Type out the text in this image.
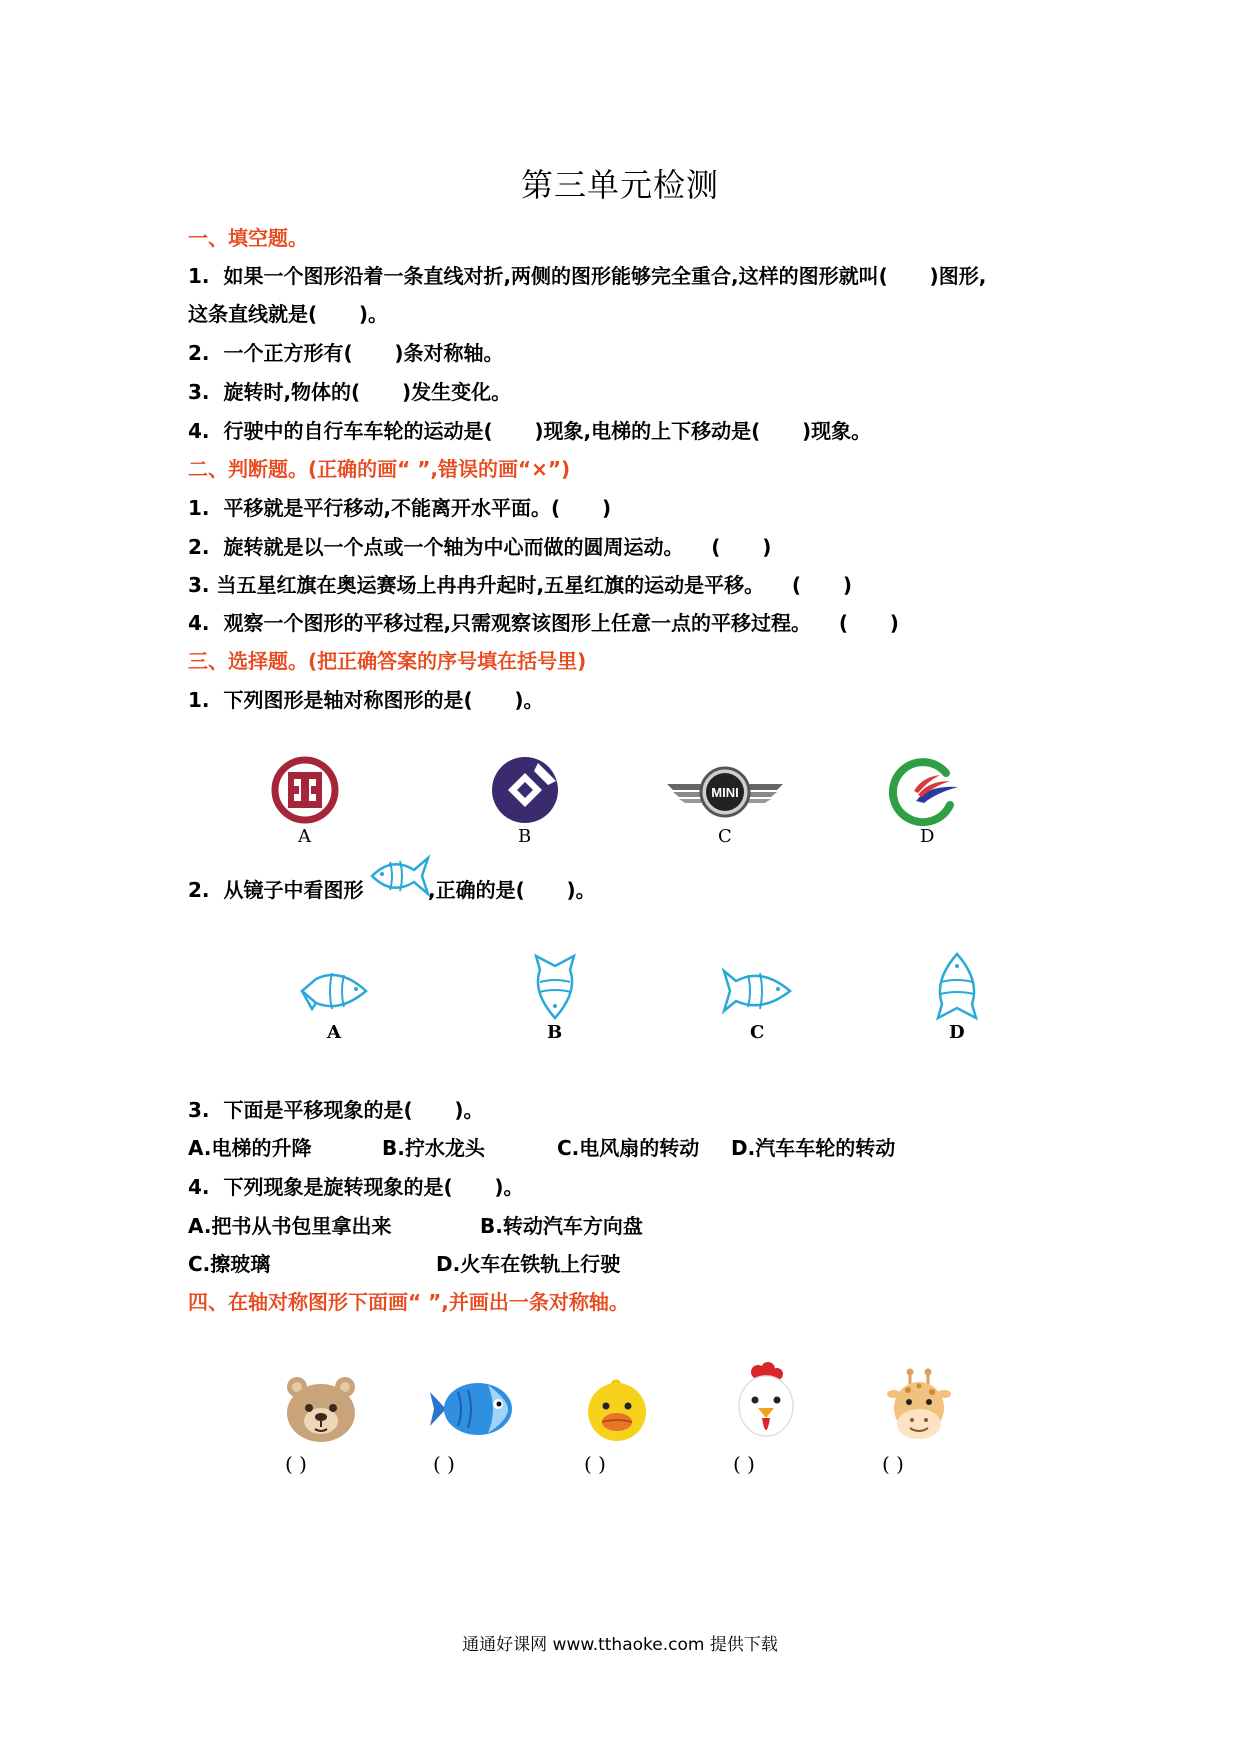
第三单元检测
一、填空题。
1.  如果一个图形沿着一条直线对折,两侧的图形能够完全重合,这样的图形就叫(      )图形,
这条直线就是(      )。
2.  一个正方形有(      )条对称轴。
3.  旋转时,物体的(      )发生变化。
4.  行驶中的自行车车轮的运动是(      )现象,电梯的上下移动是(      )现象。
二、判断题。(正确的画“ ”,错误的画“×”)
1.  平移就是平行移动,不能离开水平面。(      )
2.  旋转就是以一个点或一个轴为中心而做的圆周运动。    (      )
3. 当五星红旗在奥运赛场上冉冉升起时,五星红旗的运动是平移。    (      )
4.  观察一个图形的平移过程,只需观察该图形上任意一点的平移过程。    (      )
三、选择题。(把正确答案的序号填在括号里)
1.  下列图形是轴对称图形的是(      )。
A	B
MINI
C	D
2.  从镜子中看图形	,正确的是(      )。
A	B	C	D
3.  下面是平移现象的是(      )。
A.电梯的升降	B.拧水龙头	C.电风扇的转动 D.汽车车轮的转动
4.  下列现象是旋转现象的是(      )。
A.把书从书包里拿出来	B.转动汽车方向盘
C.擦玻璃	D.火车在铁轨上行驶
四、在轴对称图形下面画“ ”,并画出一条对称轴。
( )	( )	( )	( )	( )
通通好课网 www.tthaoke.com 提供下载
